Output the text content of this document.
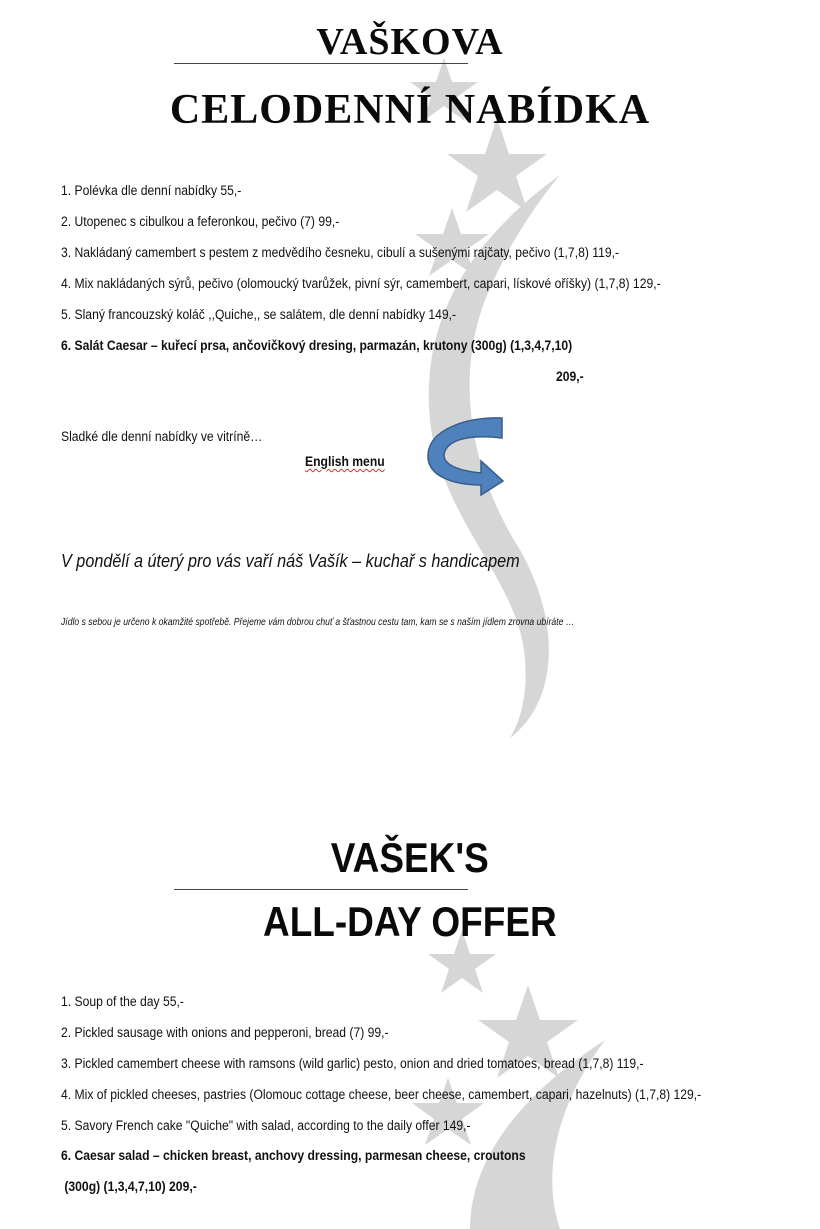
VAŠKOVA
CELODENNÍ NABÍDKA
1. Polévka dle denní nabídky 55,-
2. Utopenec s cibulkou a feferonkou, pečivo (7) 99,-
3. Nakládaný camembert s pestem z medvědího česneku, cibulí a sušenými rajčaty, pečivo (1,7,8) 119,-
4. Mix nakládaných sýrů, pečivo (olomoucký tvarůžek, pivní sýr, camembert, capari, lískové oříšky) (1,7,8) 129,-
5. Slaný francouzský koláč ,,Quiche,, se salátem, dle denní nabídky 149,-
6. Salát Caesar – kuřecí prsa, ančovičkový dresing, parmazán, krutony (300g) (1,3,4,7,10)
209,-
Sladké dle denní nabídky ve vitríně…
English menu
V pondělí a úterý pro vás vaří náš Vašík – kuchař s handicapem
Jídlo s sebou je určeno k okamžité spotřebě. Přejeme vám dobrou chuť a šťastnou cestu tam, kam se s naším jídlem zrovna ubíráte …
VAŠEK'S
ALL-DAY OFFER
1. Soup of the day 55,-
2. Pickled sausage with onions and pepperoni, bread (7) 99,-
3. Pickled camembert cheese with ramsons (wild garlic) pesto, onion and dried tomatoes, bread (1,7,8) 119,-
4. Mix of pickled cheeses, pastries (Olomouc cottage cheese, beer cheese, camembert, capari, hazelnuts) (1,7,8) 129,-
5. Savory French cake "Quiche" with salad, according to the daily offer 149,-
6. Caesar salad – chicken breast, anchovy dressing, parmesan cheese, croutons
(300g) (1,3,4,7,10) 209,-
